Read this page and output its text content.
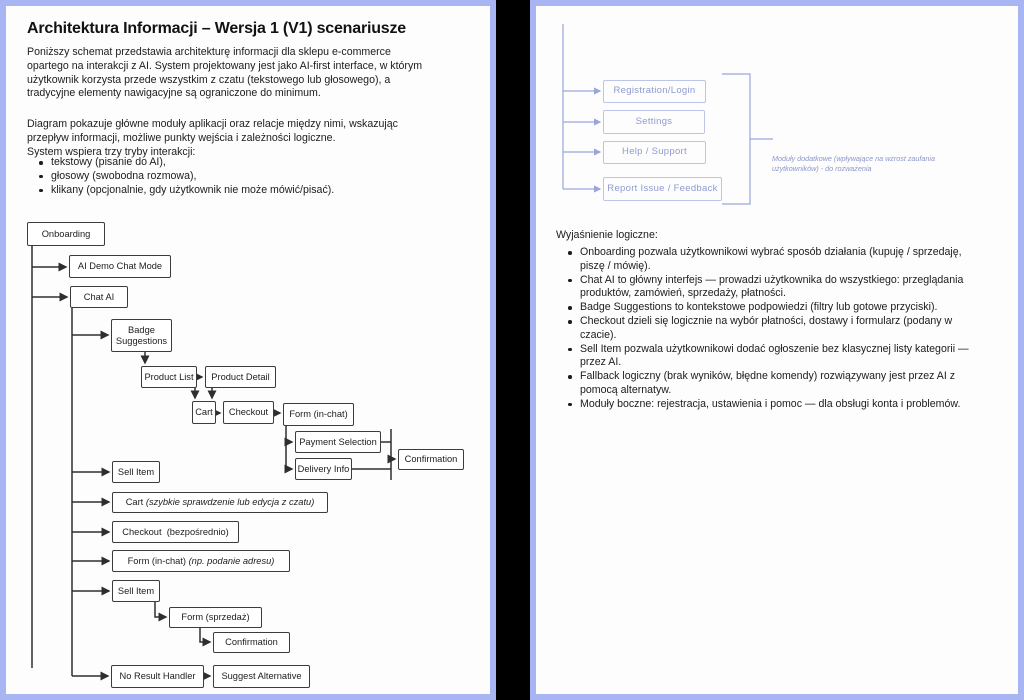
Architektura Informacji – Wersja 1 (V1) scenariusze
Poniższy schemat przedstawia architekturę informacji dla sklepu e-commerce
opartego na interakcji z AI. System projektowany jest jako AI-first interface, w którym
użytkownik korzysta przede wszystkim z czatu (tekstowego lub głosowego), a
tradycyjne elementy nawigacyjne są ograniczone do minimum.
Diagram pokazuje główne moduły aplikacji oraz relacje między nimi, wskazując
przepływ informacji, możliwe punkty wejścia i zależności logiczne.
System wspiera trzy tryby interakcji:
tekstowy (pisanie do AI),
głosowy (swobodna rozmowa),
klikany (opcjonalnie, gdy użytkownik nie może mówić/pisać).
Onboarding
AI Demo Chat Mode
Chat AI
Badge Suggestions
Product List Product Detail
Cart Checkout Form (in-chat)
Payment Selection
Delivery Info
Confirmation
Sell Item
Cart (szybkie sprawdzenie lub edycja z czatu)
Checkout  (bezpośrednio)
Form (in-chat) (np. podanie adresu)
Sell Item
Form (sprzedaż)
Confirmation
No Result Handler	Suggest Alternative
Registration/Login
Settings
Help / Support
Report Issue / Feedback
Moduły dodatkowe (wpływające na wzrost zaufania
użytkowników) - do rozważenia
Wyjaśnienie logiczne:
Onboarding pozwala użytkownikowi wybrać sposób działania (kupuję / sprzedaję,
piszę / mówię).
Chat AI to główny interfejs — prowadzi użytkownika do wszystkiego: przeglądania
produktów, zamówień, sprzedaży, płatności.
Badge Suggestions to kontekstowe podpowiedzi (filtry lub gotowe przyciski).
Checkout dzieli się logicznie na wybór płatności, dostawy i formularz (podany w
czacie).
Sell Item pozwala użytkownikowi dodać ogłoszenie bez klasycznej listy kategorii —
przez AI.
Fallback logiczny (brak wyników, błędne komendy) rozwiązywany jest przez AI z
pomocą alternatyw.
Moduły boczne: rejestracja, ustawienia i pomoc — dla obsługi konta i problemów.
